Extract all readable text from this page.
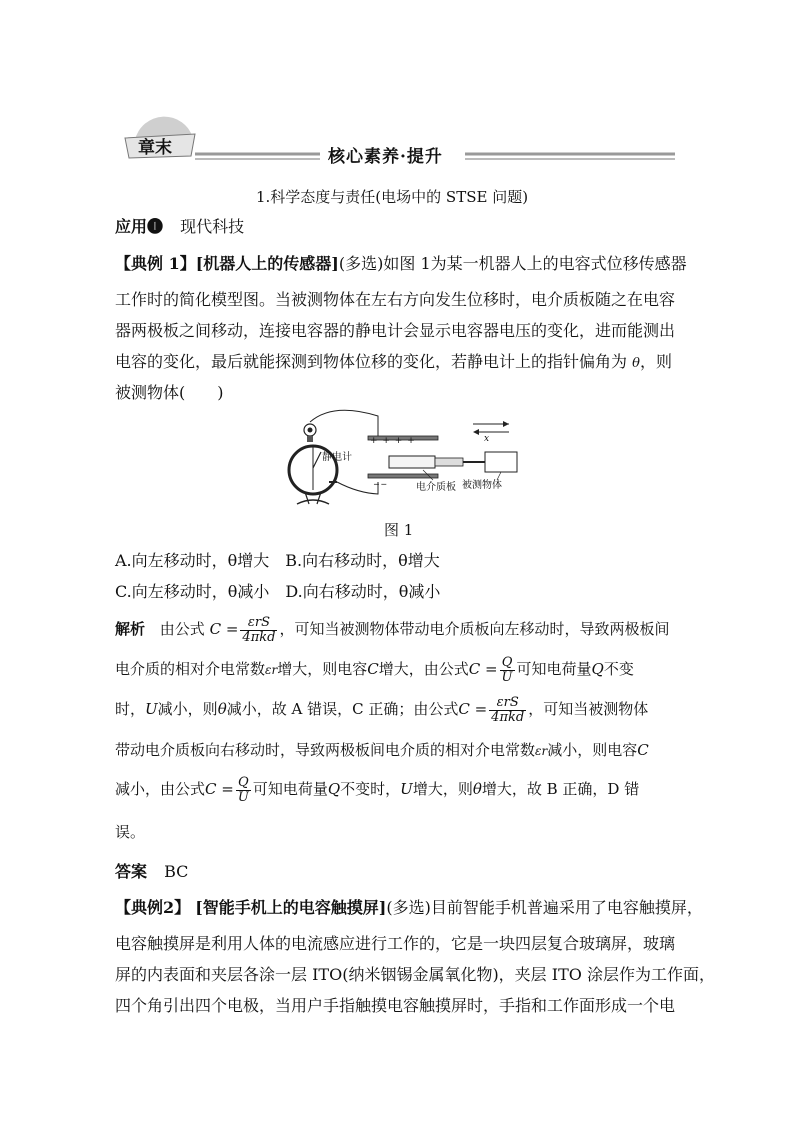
章末	核心素养·提升
1.科学态度与责任(电场中的 STSE 问题)
应用❶ 现代科技
【典例 1】[机器人上的传感器](多选)如图 1为某一机器人上的电容式位移传感器
工作时的简化模型图。当被测物体在左右方向发生位移时，电介质板随之在电容
器两极板之间移动，连接电容器的静电计会显示电容器电压的变化，进而能测出
电容的变化，最后就能探测到物体位移的变化，若静电计上的指针偏角为 θ，则
被测物体(　　)
静电计
+ + + +
─ ─	电介质板 被测物体
x
图 1
A.向左移动时，θ增大　B.向右移动时，θ增大
C.向左移动时，θ减小　D.向右移动时，θ减小
解析 由公式 $C = \frac{\text{εrS}}{\text{4πkd}}$ ，可知当被测物体带动电介质板向左移动时，导致两极板间
电介质的相对介电常数εr增大，则电容C增大，由公式$C = \frac{Q}{U}$ 可知电荷量Q不变
时，U减小，则θ减小，故 A 错误，C 正确；由公式$C = \frac{\text{εrS}}{\text{4πkd}}$ ，可知当被测物体
带动电介质板向右移动时，导致两极板间电介质的相对介电常数εr减小，则电容C
减小，由公式$C = \frac{Q}{U}$ 可知电荷量Q不变时，U增大，则θ增大，故 B 正确，D 错
误。
答案 BC
【典例2】 [智能手机上的电容触摸屏](多选)目前智能手机普遍采用了电容触摸屏，
电容触摸屏是利用人体的电流感应进行工作的，它是一块四层复合玻璃屏，玻璃
屏的内表面和夹层各涂一层 ITO(纳米铟锡金属氧化物)，夹层 ITO 涂层作为工作面，
四个角引出四个电极，当用户手指触摸电容触摸屏时，手指和工作面形成一个电
